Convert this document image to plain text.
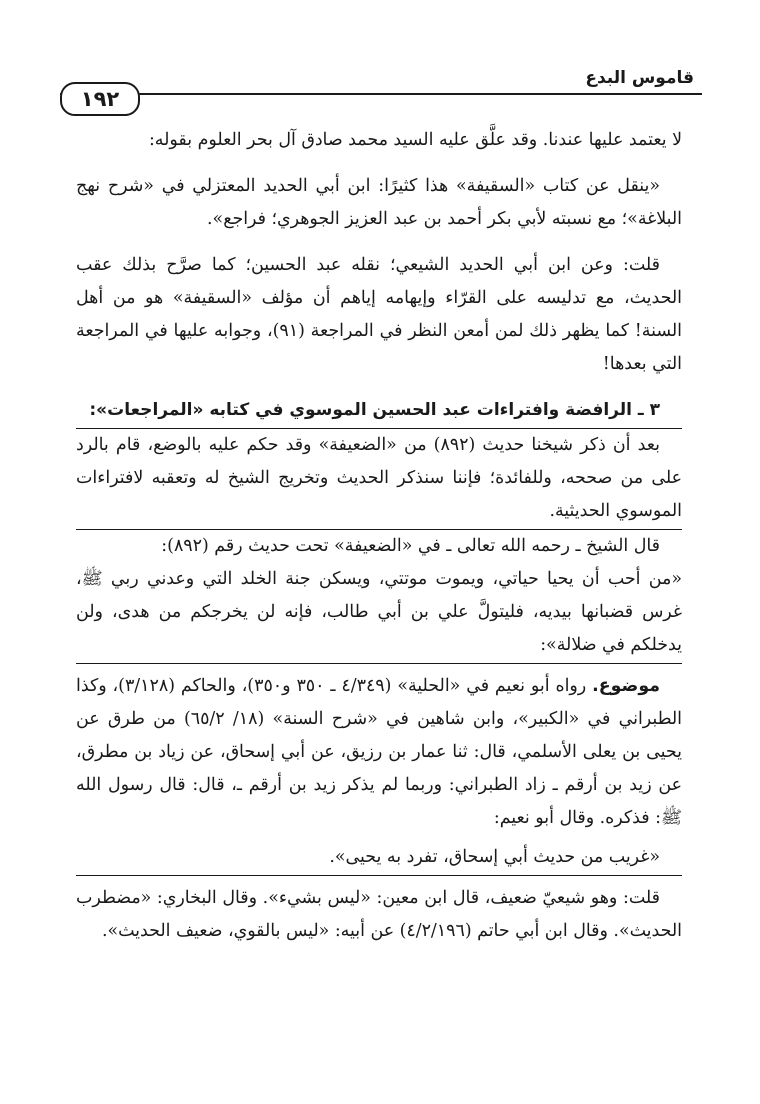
قاموس البدع
١٩٢

لا يعتمد عليها عندنا. وقد علَّق عليه السيد محمد صادق آل بحر العلوم بقوله:

«ينقل عن كتاب «السقيفة» هذا كثيرًا: ابن أبي الحديد المعتزلي في «شرح نهج البلاغة»؛ مع نسبته لأبي بكر أحمد بن عبد العزيز الجوهري؛ فراجع».

قلت: وعن ابن أبي الحديد الشيعي؛ نقله عبد الحسين؛ كما صرَّح بذلك عقب الحديث، مع تدليسه على القرّاء وإيهامه إياهم أن مؤلف «السقيفة» هو من أهل السنة! كما يظهر ذلك لمن أمعن النظر في المراجعة (٩١)، وجوابه عليها في المراجعة التي بعدها!

٣ ـ الرافضة وافتراءات عبد الحسين الموسوي في كتابه «المراجعات»:

بعد أن ذكر شيخنا حديث (٨٩٢) من «الضعيفة» وقد حكم عليه بالوضع، قام بالرد على من صححه، وللفائدة؛ فإننا سنذكر الحديث وتخريج الشيخ له وتعقبه لافتراءات الموسوي الحديثية.

قال الشيخ ـ رحمه الله تعالى ـ في «الضعيفة» تحت حديث رقم (٨٩٢):

«من أحب أن يحيا حياتي، ويموت موتتي، ويسكن جنة الخلد التي وعدني ربي ﷺ، غرس قضبانها بيديه، فليتولَّ علي بن أبي طالب، فإنه لن يخرجكم من هدى، ولن يدخلكم في ضلالة»:

موضوع. رواه أبو نعيم في «الحلية» (٤/٣٤٩ ـ ٣٥٠ و٣٥٠)، والحاكم (٣/١٢٨)، وكذا الطبراني في «الكبير»، وابن شاهين في «شرح السنة» (١٨/ ٦٥/٢) من طرق عن يحيى بن يعلى الأسلمي، قال: ثنا عمار بن رزيق، عن أبي إسحاق، عن زياد بن مطرق، عن زيد بن أرقم ـ زاد الطبراني: وربما لم يذكر زيد بن أرقم ـ، قال: قال رسول الله ﷺ: فذكره. وقال أبو نعيم:

«غريب من حديث أبي إسحاق، تفرد به يحيى».

قلت: وهو شيعيّ ضعيف، قال ابن معين: «ليس بشيء». وقال البخاري: «مضطرب الحديث». وقال ابن أبي حاتم (٤/٢/١٩٦) عن أبيه: «ليس بالقوي، ضعيف الحديث».
